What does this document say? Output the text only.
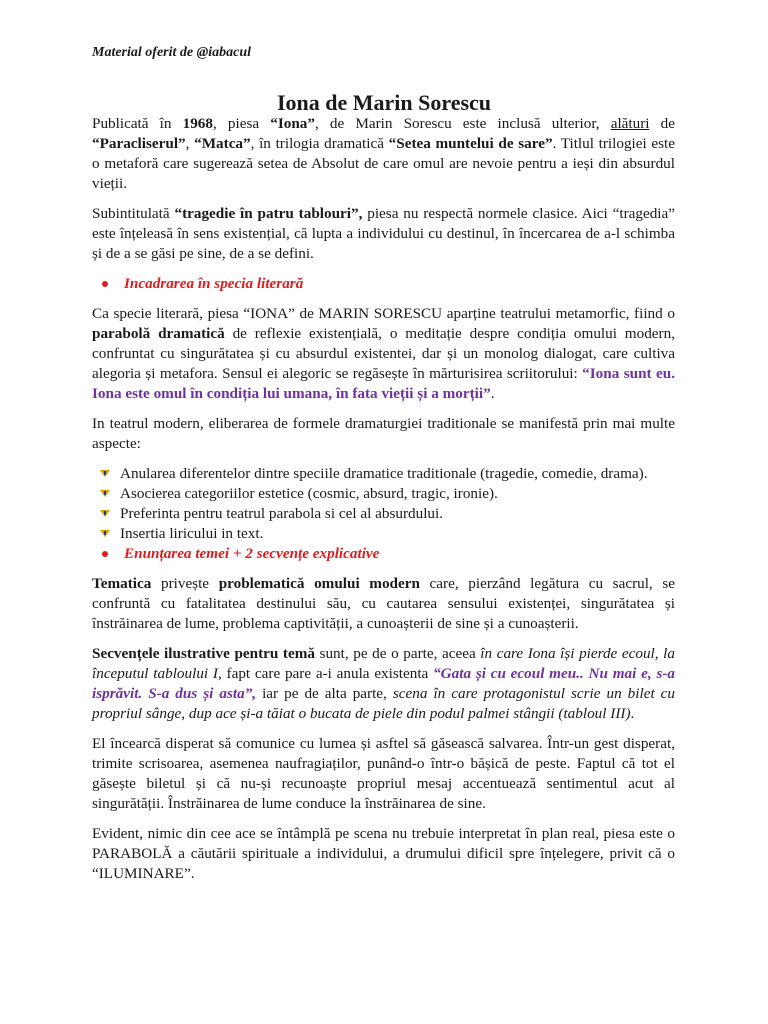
Material oferit de @iabacul
Iona de Marin Sorescu

Publicată în 1968, piesa “Iona”, de Marin Sorescu este inclusă ulterior, alături de “Paracliserul”, “Matca”, în trilogia dramatică “Setea muntelui de sare”. Titlul trilogiei este o metaforă care sugerează setea de Absolut de care omul are nevoie pentru a ieși din absurdul vieții.

Subintitulată “tragedie în patru tablouri”, piesa nu respectă normele clasice. Aici “tragedia” este înțeleasă în sens existențial, că lupta a individului cu destinul, în încercarea de a-l schimba și de a se găsi pe sine, de a se defini.

Incadrarea în specia literară

Ca specie literară, piesa “IONA” de MARIN SORESCU aparține teatrului metamorfic, fiind o parabolă dramatică de reflexie existențială, o meditație despre condiția omului modern, confruntat cu singurătatea și cu absurdul existentei, dar și un monolog dialogat, care cultiva alegoria și metafora. Sensul ei alegoric se regăsește în mărturisirea scriitorului: “Iona sunt eu. Iona este omul în condiția lui umana, în fata vieții și a morții”.

In teatrul modern, eliberarea de formele dramaturgiei traditionale se manifestă prin mai multe aspecte:

Anularea diferentelor dintre speciile dramatice traditionale (tragedie, comedie, drama).
Asocierea categoriilor estetice (cosmic, absurd, tragic, ironie).
Preferinta pentru teatrul parabola si cel al absurdului.
Insertia liricului in text.
Enunțarea temei + 2 secvențe explicative

Tematica privește problematică omului modern care, pierzând legătura cu sacrul, se confruntă cu fatalitatea destinului său, cu cautarea sensului existenței, singurătatea și înstrăinarea de lume, problema captivității, a cunoașterii de sine și a cunoașterii.

Secvențele ilustrative pentru temă sunt, pe de o parte, aceea în care Iona își pierde ecoul, la începutul tabloului I, fapt care pare a-i anula existenta “Gata și cu ecoul meu.. Nu mai e, s-a isprăvit. S-a dus și asta”, iar pe de alta parte, scena în care protagonistul scrie un bilet cu propriul sânge, dup ace și-a tăiat o bucata de piele din podul palmei stângii (tabloul III).

El încearcă disperat să comunice cu lumea și asftel să găsească salvarea. Într-un gest disperat, trimite scrisoarea, asemenea naufragiaților, punând-o într-o bășică de peste. Faptul că tot el găsește biletul și că nu-și recunoaște propriul mesaj accentuează sentimentul acut al singurătății. Înstrăinarea de lume conduce la înstrăinarea de sine.

Evident, nimic din cee ace se întâmplă pe scena nu trebuie interpretat în plan real, piesa este o PARABOLĂ a căutării spirituale a individului, a drumului dificil spre înțelegere, privit că o “ILUMINARE”.
